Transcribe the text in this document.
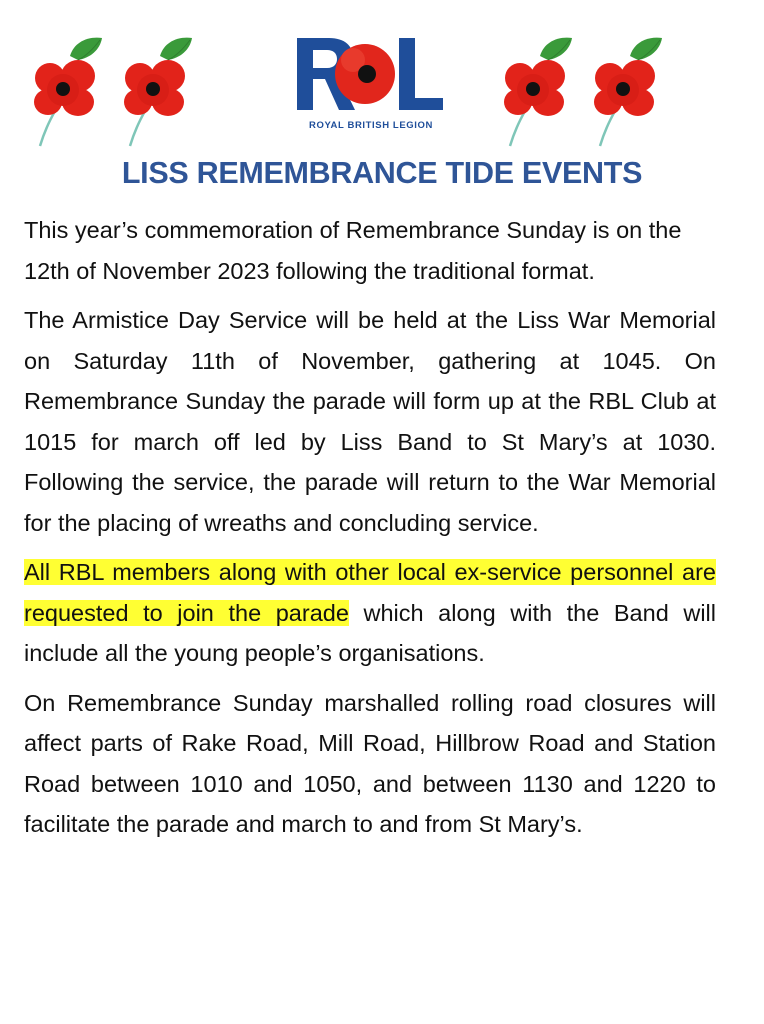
ROYAL BRITISH LEGION
LISS REMEMBRANCE TIDE EVENTS

This year’s commemoration of Remembrance Sunday is on the 12th of November 2023 following the traditional format.

The Armistice Day Service will be held at the Liss War Memorial on Saturday 11th of November, gathering at 1045. On Remembrance Sunday the parade will form up at the RBL Club at 1015 for march off led by Liss Band to St Mary’s at 1030. Following the service, the parade will return to the War Memorial for the placing of wreaths and concluding service.

All RBL members along with other local ex-service personnel are requested to join the parade which along with the Band will include all the young people’s organisations.

On Remembrance Sunday marshalled rolling road closures will affect parts of Rake Road, Mill Road, Hillbrow Road and Station Road between 1010 and 1050, and between 1130 and 1220 to facilitate the parade and march to and from St Mary’s.
